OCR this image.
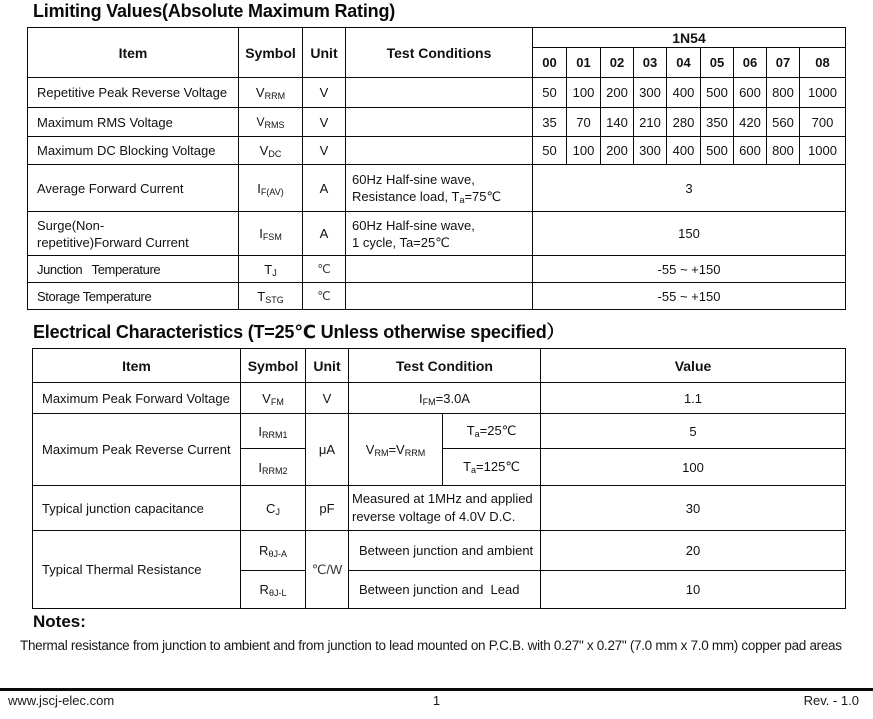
Limiting Values(Absolute Maximum Rating)
Item	Symbol	Unit	Test Conditions	1N54								
				00	01	02	03	04	05	06	07	08
Repetitive Peak Reverse Voltage	$V_{RRM}$	V		50	100	200	300	400	500	600	800	1000
Maximum RMS Voltage	$V_{RMS}$	V		35	70	140	210	280	350	420	560	700
Maximum DC Blocking Voltage	$V_{DC}$	V		50	100	200	300	400	500	600	800	1000
Average Forward Current	$I_{F(AV)}$	A	60Hz Half-sine wave,
Resistance load, $T_a=75℃$	3								
Surge(Non-repetitive)Forward Current	$I_{FSM}$	A	60Hz Half-sine wave,
1 cycle, Ta=25℃	150								
Junction   Temperature	$T_J$	℃		-55 ~ +150								
Storage Temperature	$T_{STG}$	℃		-55 ~ +150								
Electrical Characteristics (T=25℃ Unless otherwise specified）
Item	Symbol	Unit	Test Condition		Value
Maximum Peak Forward Voltage	$V_{FM}$	V	$I_{FM}=3.0A$		1.1
Maximum Peak Reverse Current	$I_{RRM1}$	μA	$V_{RM}=V_{RRM}$	$T_a=25℃$	5
	$I_{RRM2}$			$T_a=125℃$	100
Typical junction capacitance	$C_J$	pF	Measured at 1MHz and applied reverse voltage of 4.0V D.C.		30
Typical Thermal Resistance	$R_{\theta J-A}$	℃/W	Between junction and ambient		20
	$R_{\theta J-L}$		Between junction and  Lead		10
Notes:
Thermal resistance from junction to ambient and from junction to lead mounted on P.C.B. with 0.27" x 0.27" (7.0 mm x 7.0 mm) copper pad areas
www.jscj-elec.com	1	Rev. - 1.0
